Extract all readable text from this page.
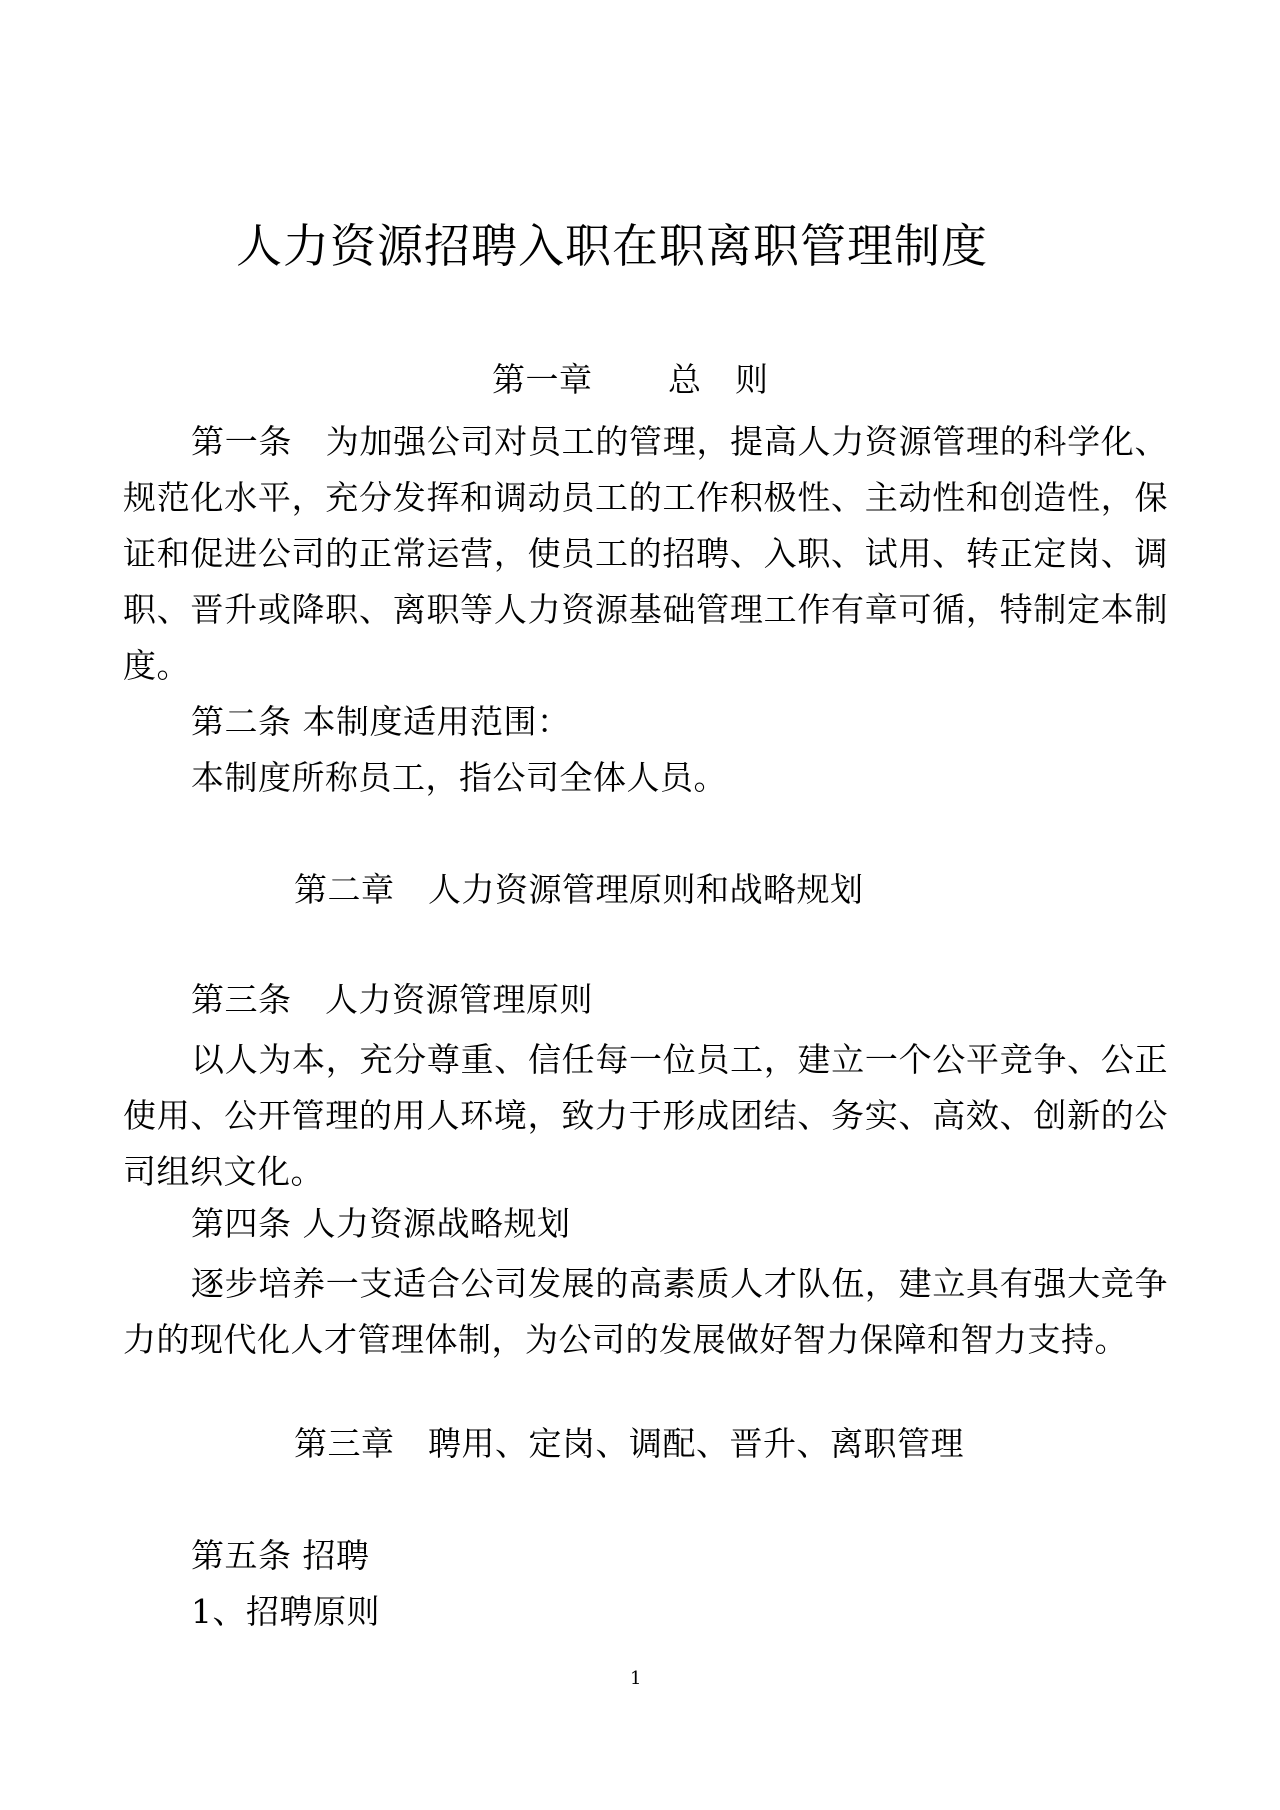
人力资源招聘入职在职离职管理制度
第一章 总　则
第一条　为加强公司对员工的管理，提高人力资源管理的科学化、规范化水平，充分发挥和调动员工的工作积极性、主动性和创造性，保证和促进公司的正常运营，使员工的招聘、入职、试用、转正定岗、调职、晋升或降职、离职等人力资源基础管理工作有章可循，特制定本制度。
第二条 本制度适用范围：
本制度所称员工，指公司全体人员。
第二章　人力资源管理原则和战略规划
第三条　人力资源管理原则
以人为本，充分尊重、信任每一位员工，建立一个公平竞争、公正使用、公开管理的用人环境，致力于形成团结、务实、高效、创新的公司组织文化。
第四条 人力资源战略规划
逐步培养一支适合公司发展的高素质人才队伍，建立具有强大竞争力的现代化人才管理体制，为公司的发展做好智力保障和智力支持。
第三章　聘用、定岗、调配、晋升、离职管理
第五条 招聘
1、招聘原则
1
